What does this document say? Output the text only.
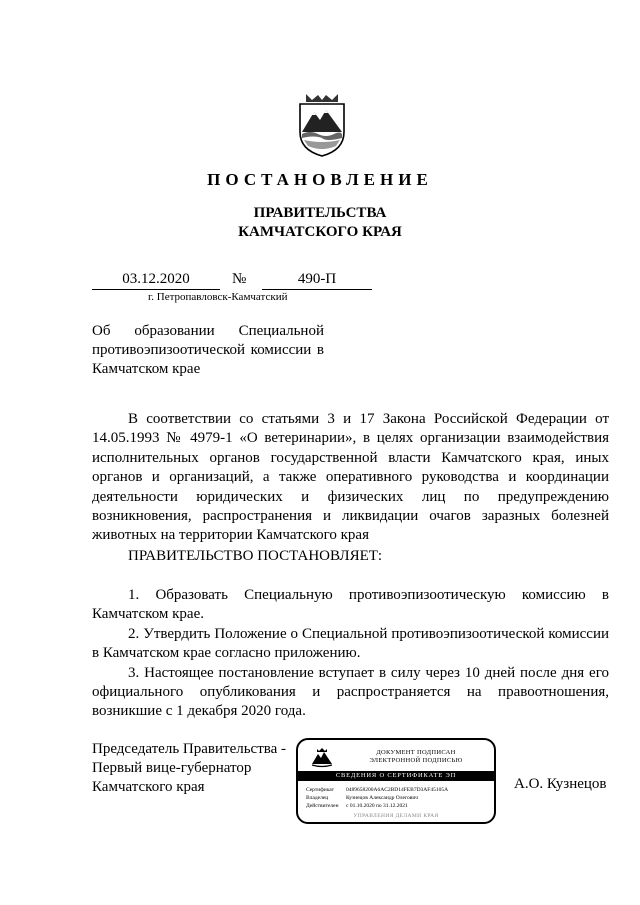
ПОСТАНОВЛЕНИЕ
ПРАВИТЕЛЬСТВА
КАМЧАТСКОГО КРАЯ
03.12.2020	№	490-П
г. Петропавловск-Камчатский
Об образовании Специальной противоэпизоотической комиссии в Камчатском крае
В соответствии со статьями 3 и 17 Закона Российской Федерации от 14.05.1993 № 4979-1 «О ветеринарии», в целях организации взаимодействия исполнительных органов государственной власти Камчатского края, иных органов и организаций, а также оперативного руководства и координации деятельности юридических и физических лиц по предупреждению возникновения, распространения и ликвидации очагов заразных болезней животных на территории Камчатского края
ПРАВИТЕЛЬСТВО ПОСТАНОВЛЯЕТ:

1. Образовать Специальную противоэпизоотическую комиссию в Камчатском крае.

2. Утвердить Положение о Специальной противоэпизоотической комиссии в Камчатском крае согласно приложению.

3. Настоящее постановление вступает в силу через 10 дней после дня его официального опубликования и распространяется на правоотношения, возникшие с 1 декабря 2020 года.

Председатель Правительства -
Первый вице-губернатор
Камчатского края
ДОКУМЕНТ ПОДПИСАН
ЭЛЕКТРОННОЙ ПОДПИСЬЮ
СВЕДЕНИЯ О СЕРТИФИКАТЕ ЭП
Сертификат 0489658200A6AC2BD14FEB7D3AF45105A
Владелец	Кузнецов Александр Олегович
Действителен с 01.10.2020 по 31.12.2021
УПРАВЛЕНИЯ ДЕЛАМИ КРАЯ
А.О. Кузнецов
